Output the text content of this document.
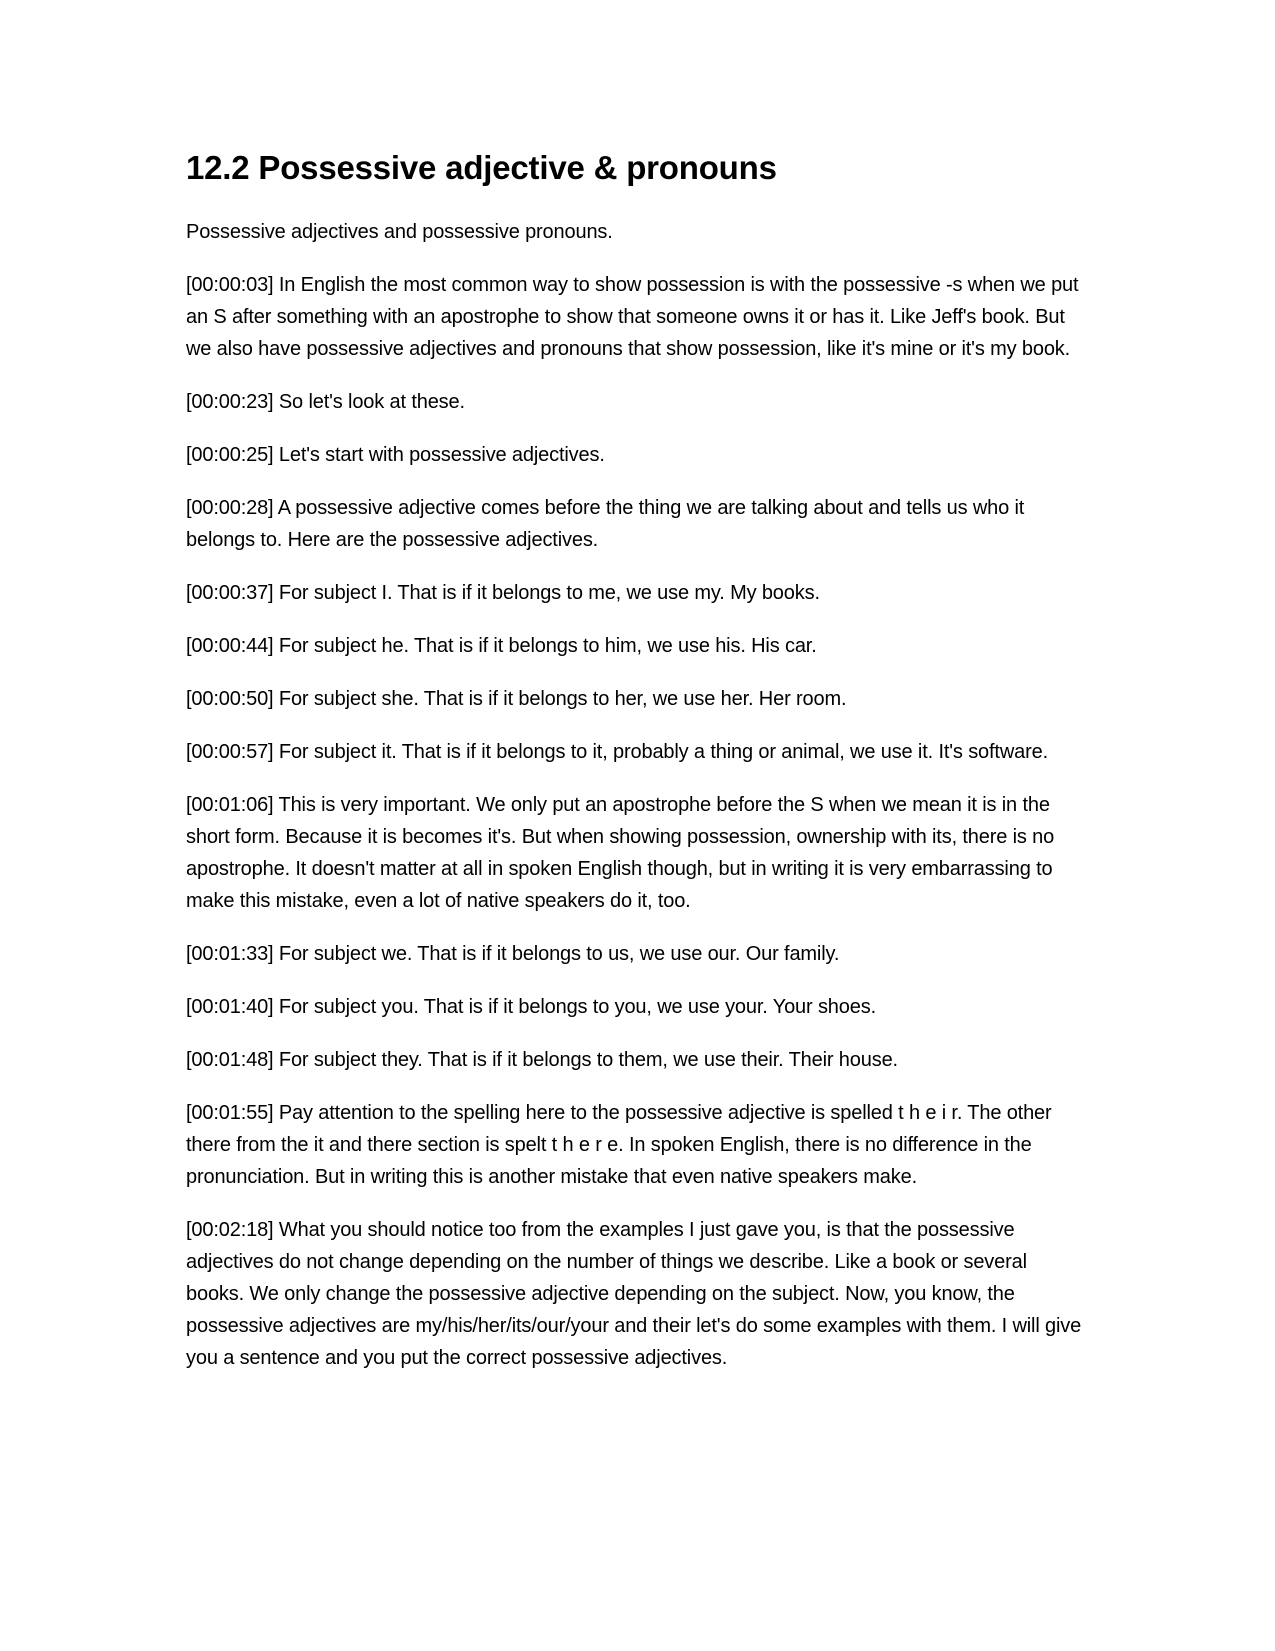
12.2 Possessive adjective & pronouns

Possessive adjectives and possessive pronouns.

[00:00:03] In English the most common way to show possession is with the possessive -s when we put an S after something with an apostrophe to show that someone owns it or has it. Like Jeff's book. But we also have possessive adjectives and pronouns that show possession, like it's mine or it's my book.

[00:00:23] So let's look at these.

[00:00:25] Let's start with possessive adjectives.

[00:00:28] A possessive adjective comes before the thing we are talking about and tells us who it belongs to. Here are the possessive adjectives.

[00:00:37] For subject I. That is if it belongs to me, we use my. My books.

[00:00:44] For subject he. That is if it belongs to him, we use his. His car.

[00:00:50] For subject she. That is if it belongs to her, we use her. Her room.

[00:00:57] For subject it. That is if it belongs to it, probably a thing or animal, we use it. It's software.

[00:01:06] This is very important. We only put an apostrophe before the S when we mean it is in the short form. Because it is becomes it's. But when showing possession, ownership with its, there is no apostrophe. It doesn't matter at all in spoken English though, but in writing it is very embarrassing to make this mistake, even a lot of native speakers do it, too.

[00:01:33] For subject we. That is if it belongs to us, we use our. Our family.

[00:01:40] For subject you. That is if it belongs to you, we use your. Your shoes.

[00:01:48] For subject they. That is if it belongs to them, we use their. Their house.

[00:01:55] Pay attention to the spelling here to the possessive adjective is spelled t h e i r. The other there from the it and there section is spelt t h e r e. In spoken English, there is no difference in the pronunciation. But in writing this is another mistake that even native speakers make.

[00:02:18] What you should notice too from the examples I just gave you, is that the possessive adjectives do not change depending on the number of things we describe. Like a book or several books. We only change the possessive adjective depending on the subject. Now, you know, the possessive adjectives are my/his/her/its/our/your and their let's do some examples with them. I will give you a sentence and you put the correct possessive adjectives.
